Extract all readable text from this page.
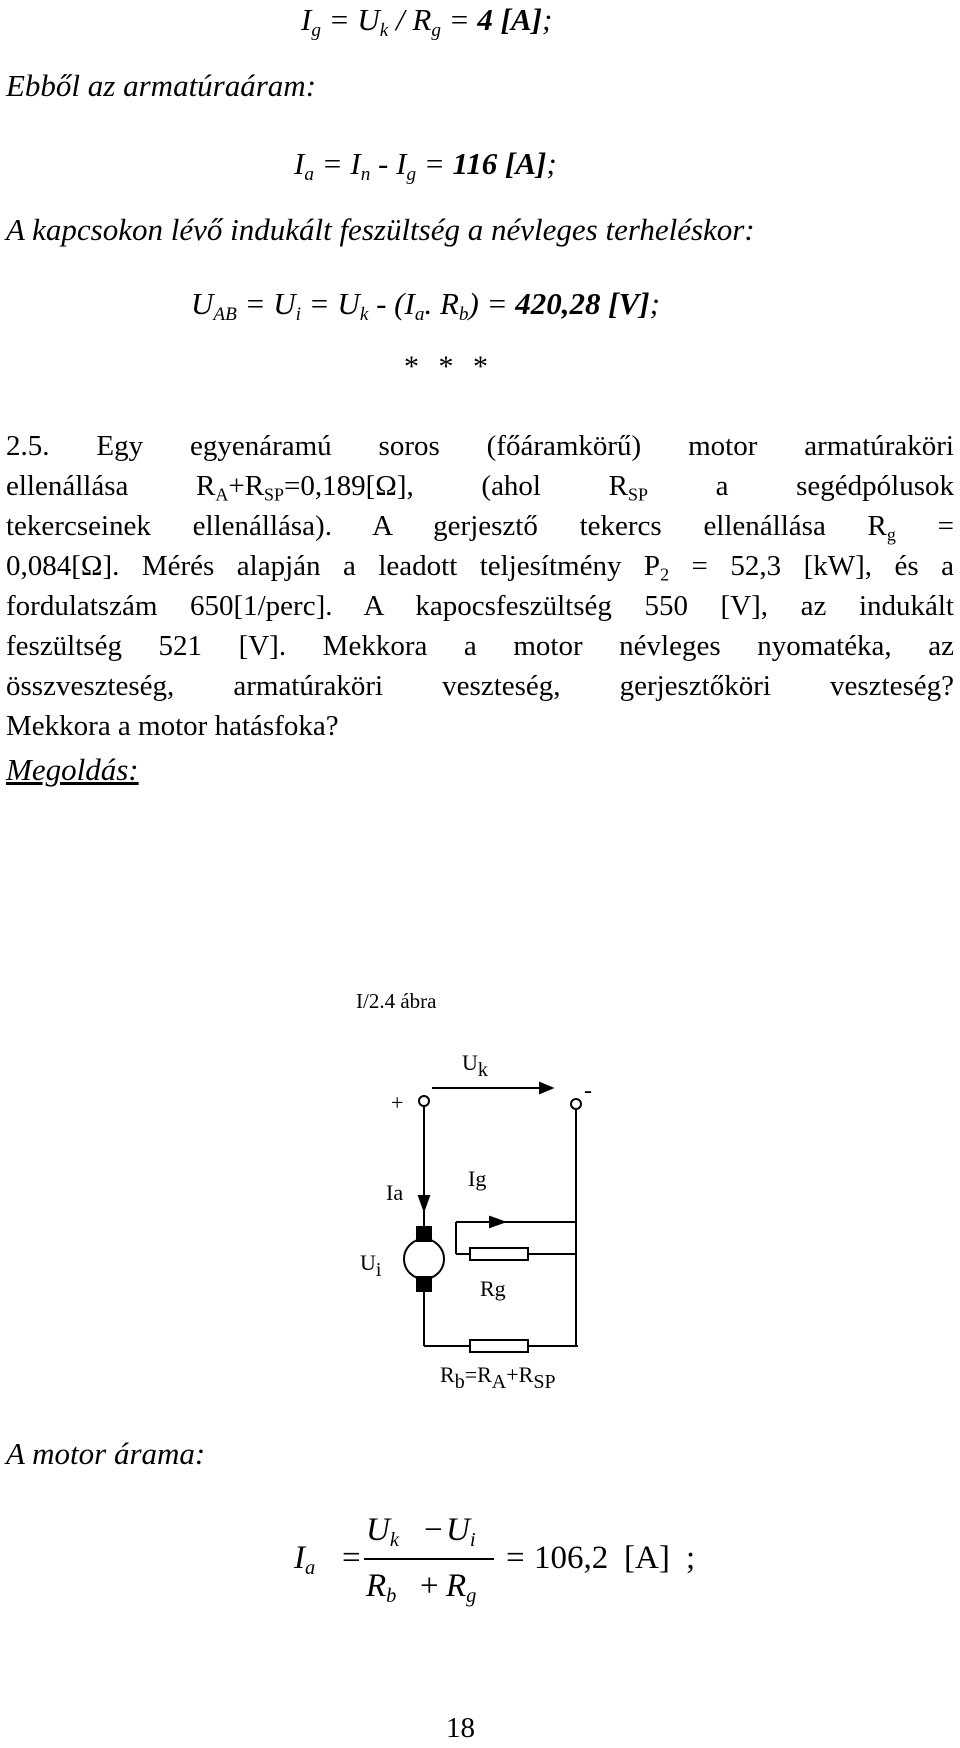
$I_g = U_k / R_g = 4$ [A];
Ebből az armatúraáram:
$I_a = I_n - I_g = 116$ [A];
A kapcsokon lévő indukált feszültség a névleges terheléskor:
$U_{AB} = U_i = U_k - (I_a$. $R_b) = 420,28$ [V];
* * *
2.5. Egy egyenáramú soros (főáramkörű) motor armatúraköri
ellenállása $R_A+R_{SP}=0,189[\Omega]$, (ahol $R_{SP}$ a segédpólusok
tekercseinek ellenállása). A gerjesztő tekercs ellenállása $R_g$ =
0,084[Ω]. Mérés alapján a leadott teljesítmény $P_2 = 52,3$ [kW], és a
fordulatszám 650[1/perc]. A kapocsfeszültség 550 [V], az indukált
feszültség 521 [V]. Mekkora a motor névleges nyomatéka, az
összveszteség, armatúraköri veszteség, gerjesztőköri veszteség?
Mekkora a motor hatásfoka?
Megoldás:
I/2.4 ábra
+	-
$U_k$
Ia
Ig
$U_i$
Rg
$R_b=R_A+R_{SP}$
A motor árama:
$I_a$ =
$U_k - U_i$
$R_b + R_g$
= 106,2 [A] ;
18
